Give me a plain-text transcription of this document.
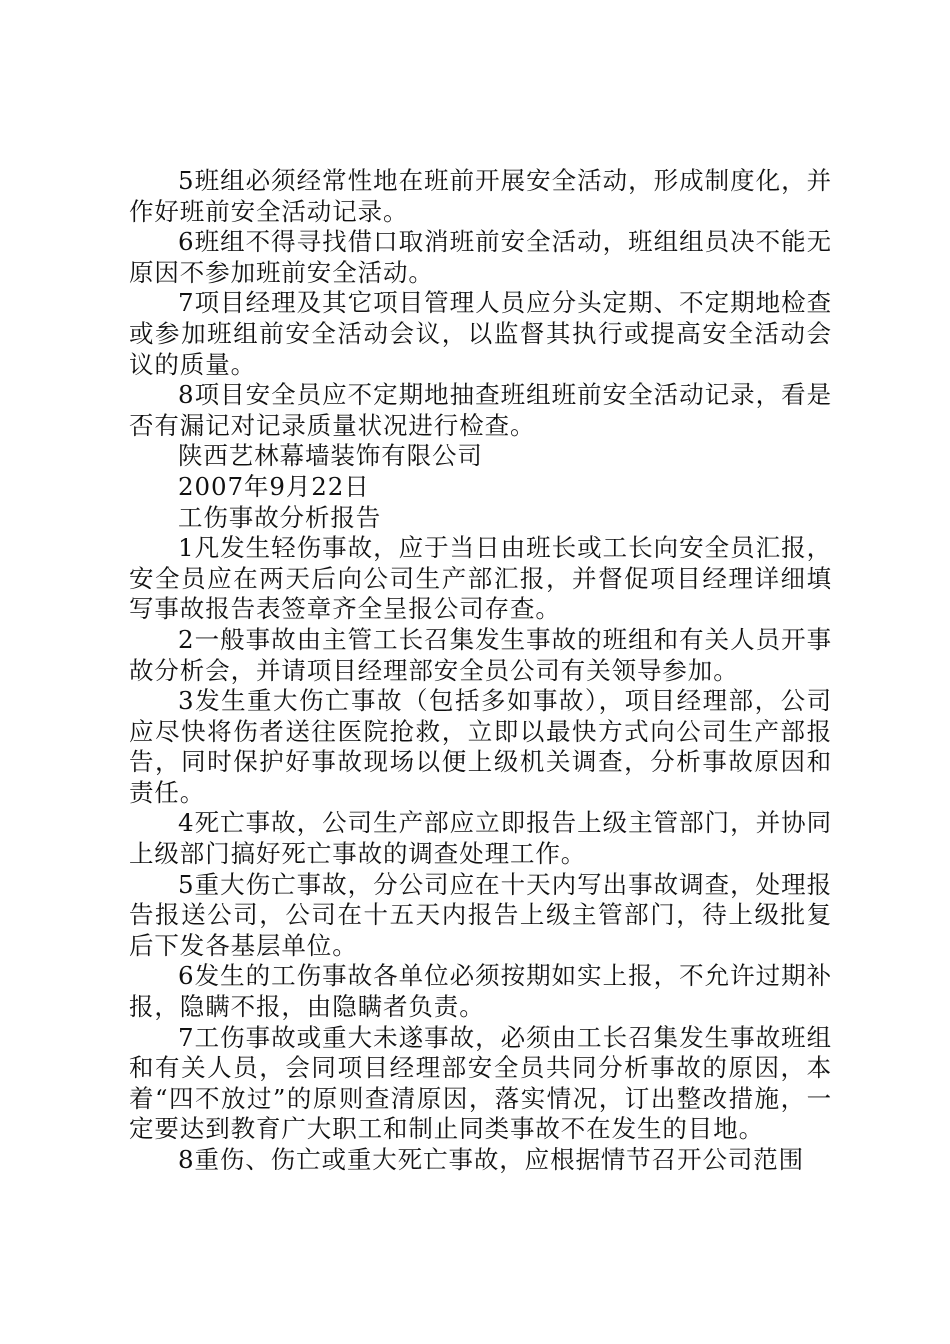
5班组必须经常性地在班前开展安全活动，形成制度化，并作好班前安全活动记录。

6班组不得寻找借口取消班前安全活动，班组组员决不能无原因不参加班前安全活动。

7项目经理及其它项目管理人员应分头定期、不定期地检查或参加班组前安全活动会议，以监督其执行或提高安全活动会议的质量。

8项目安全员应不定期地抽查班组班前安全活动记录，看是否有漏记对记录质量状况进行检查。

陕西艺林幕墙装饰有限公司

2007年9月22日

工伤事故分析报告

1凡发生轻伤事故，应于当日由班长或工长向安全员汇报，安全员应在两天后向公司生产部汇报，并督促项目经理详细填写事故报告表签章齐全呈报公司存查。

2一般事故由主管工长召集发生事故的班组和有关人员开事故分析会，并请项目经理部安全员公司有关领导参加。

3发生重大伤亡事故（包括多如事故），项目经理部，公司应尽快将伤者送往医院抢救，立即以最快方式向公司生产部报告，同时保护好事故现场以便上级机关调查，分析事故原因和责任。

4死亡事故，公司生产部应立即报告上级主管部门，并协同上级部门搞好死亡事故的调查处理工作。

5重大伤亡事故，分公司应在十天内写出事故调查，处理报告报送公司，公司在十五天内报告上级主管部门，待上级批复后下发各基层单位。

6发生的工伤事故各单位必须按期如实上报，不允许过期补报，隐瞒不报，由隐瞒者负责。

7工伤事故或重大未遂事故，必须由工长召集发生事故班组和有关人员，会同项目经理部安全员共同分析事故的原因，本着“四不放过”的原则查清原因，落实情况，订出整改措施，一定要达到教育广大职工和制止同类事故不在发生的目地。

8重伤、伤亡或重大死亡事故，应根据情节召开公司范围
